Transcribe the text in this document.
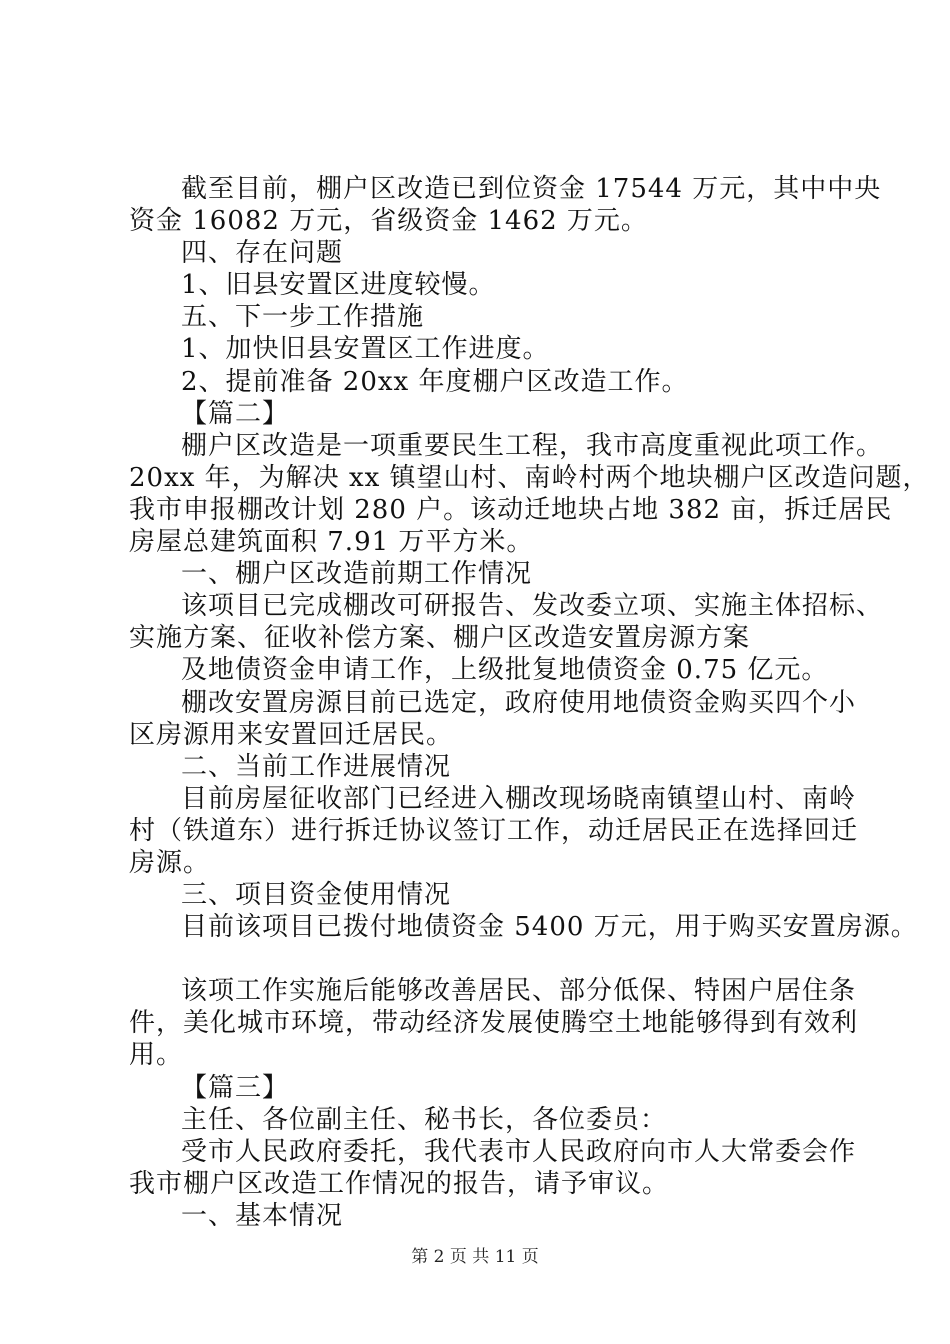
截至目前，棚户区改造已到位资金 17544 万元，其中中央

资金 16082 万元，省级资金 1462 万元。

四、存在问题

1、旧县安置区进度较慢。

五、下一步工作措施

1、加快旧县安置区工作进度。

2、提前准备 20xx 年度棚户区改造工作。

【篇二】

棚户区改造是一项重要民生工程，我市高度重视此项工作。

20xx 年，为解决 xx 镇望山村、南岭村两个地块棚户区改造问题，

我市申报棚改计划 280 户。该动迁地块占地 382 亩，拆迁居民

房屋总建筑面积 7.91 万平方米。

一、棚户区改造前期工作情况

该项目已完成棚改可研报告、发改委立项、实施主体招标、

实施方案、征收补偿方案、棚户区改造安置房源方案

及地债资金申请工作，上级批复地债资金 0.75 亿元。

棚改安置房源目前已选定，政府使用地债资金购买四个小

区房源用来安置回迁居民。

二、当前工作进展情况

目前房屋征收部门已经进入棚改现场晓南镇望山村、南岭

村（铁道东）进行拆迁协议签订工作，动迁居民正在选择回迁

房源。

三、项目资金使用情况

目前该项目已拨付地债资金 5400 万元，用于购买安置房源。

该项工作实施后能够改善居民、部分低保、特困户居住条

件，美化城市环境，带动经济发展使腾空土地能够得到有效利

用。

【篇三】

主任、各位副主任、秘书长，各位委员：

受市人民政府委托，我代表市人民政府向市人大常委会作

我市棚户区改造工作情况的报告，请予审议。

一、基本情况

第 2 页 共 11 页
